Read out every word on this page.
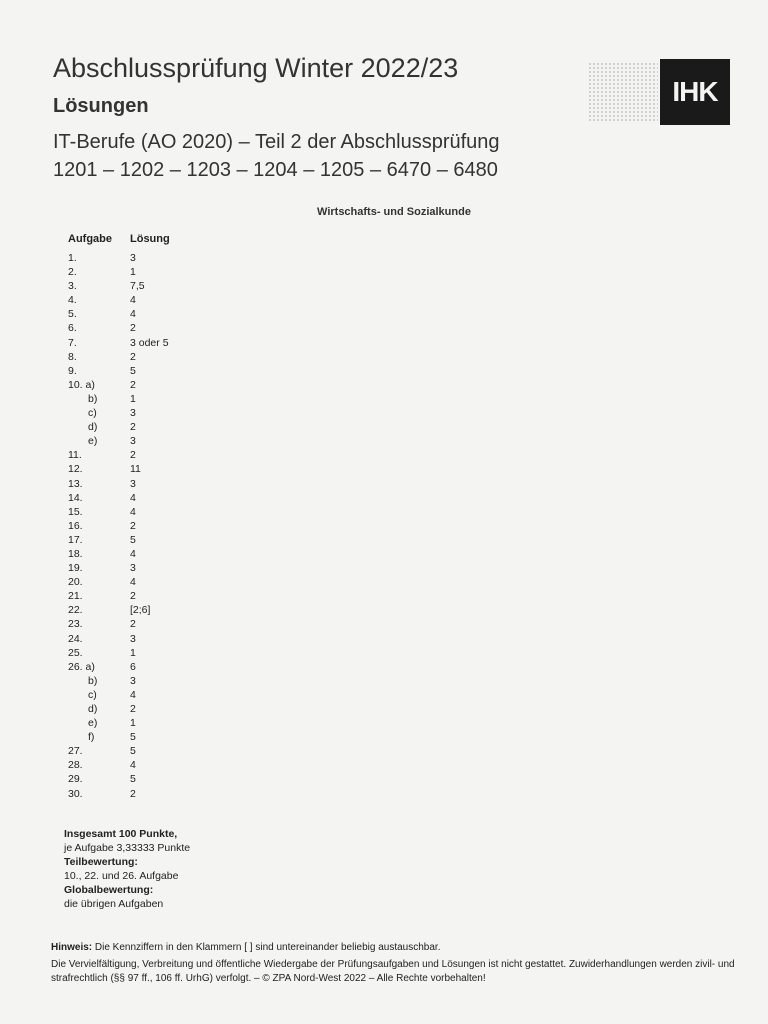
Abschlussprüfung Winter 2022/23
Lösungen
IT-Berufe (AO 2020) – Teil 2 der Abschlussprüfung
1201 – 1202 – 1203 – 1204 – 1205 – 6470 – 6480
IHK
Wirtschafts- und Sozialkunde
Aufgabe Lösung
1.	3
2.	1
3.	7,5
4.	4
5.	4
6.	2
7.	3 oder 5
8.	2
9.	5
10. a)	2
b)	1
c)	3
d)	2
e)	3
11.	2
12.	11
13.	3
14.	4
15.	4
16.	2
17.	5
18.	4
19.	3
20.	4
21.	2
22.	[2;6]
23.	2
24.	3
25.	1
26. a)	6
b)	3
c)	4
d)	2
e)	1
f)	5
27.	5
28.	4
29.	5
30.	2
Insgesamt 100 Punkte,
je Aufgabe 3,33333 Punkte
Teilbewertung:
10., 22. und 26. Aufgabe
Globalbewertung:
die übrigen Aufgaben
Hinweis: Die Kennziffern in den Klammern [ ] sind untereinander beliebig austauschbar.
Die Vervielfältigung, Verbreitung und öffentliche Wiedergabe der Prüfungsaufgaben und Lösungen ist nicht gestattet. Zuwiderhandlungen werden zivil- und strafrechtlich (§§ 97 ff., 106 ff. UrhG) verfolgt. – © ZPA Nord-West 2022 – Alle Rechte vorbehalten!
